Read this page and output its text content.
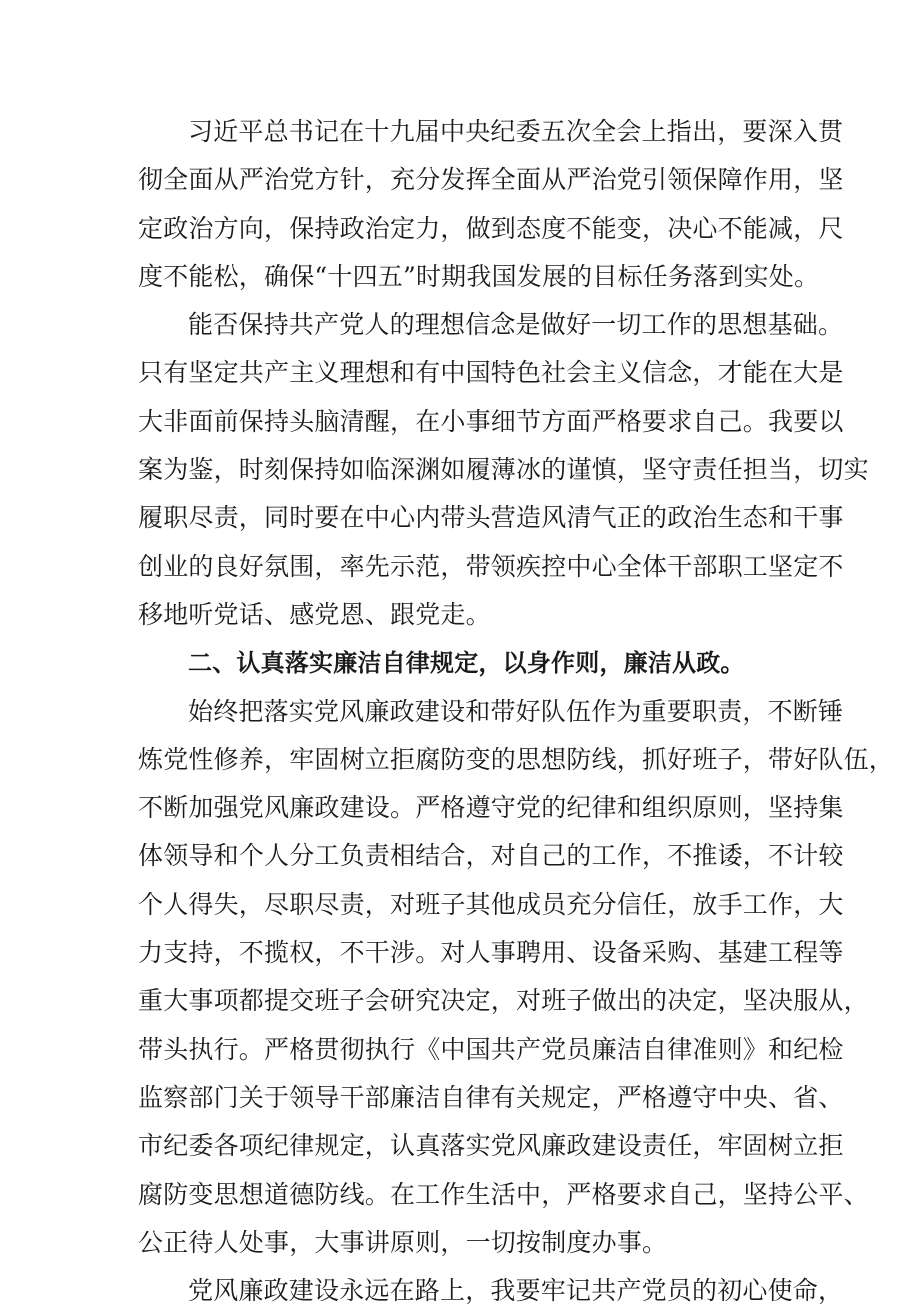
习近平总书记在十九届中央纪委五次全会上指出，要深入贯
彻全面从严治党方针，充分发挥全面从严治党引领保障作用，坚
定政治方向，保持政治定力，做到态度不能变，决心不能减，尺
度不能松，确保“十四五”时期我国发展的目标任务落到实处。
能否保持共产党人的理想信念是做好一切工作的思想基础。
只有坚定共产主义理想和有中国特色社会主义信念，才能在大是
大非面前保持头脑清醒，在小事细节方面严格要求自己。我要以
案为鉴，时刻保持如临深渊如履薄冰的谨慎，坚守责任担当，切实
履职尽责，同时要在中心内带头营造风清气正的政治生态和干事
创业的良好氛围，率先示范，带领疾控中心全体干部职工坚定不
移地听党话、感党恩、跟党走。
二、认真落实廉洁自律规定，以身作则，廉洁从政。
始终把落实党风廉政建设和带好队伍作为重要职责，不断锤
炼党性修养，牢固树立拒腐防变的思想防线，抓好班子，带好队伍，
不断加强党风廉政建设。严格遵守党的纪律和组织原则，坚持集
体领导和个人分工负责相结合，对自己的工作，不推诿，不计较
个人得失，尽职尽责，对班子其他成员充分信任，放手工作，大
力支持，不揽权，不干涉。对人事聘用、设备采购、基建工程等
重大事项都提交班子会研究决定，对班子做出的决定，坚决服从，
带头执行。严格贯彻执行《中国共产党员廉洁自律准则》和纪检
监察部门关于领导干部廉洁自律有关规定，严格遵守中央、省、
市纪委各项纪律规定，认真落实党风廉政建设责任，牢固树立拒
腐防变思想道德防线。在工作生活中，严格要求自己，坚持公平、
公正待人处事，大事讲原则，一切按制度办事。
党风廉政建设永远在路上，我要牢记共产党员的初心使命，
